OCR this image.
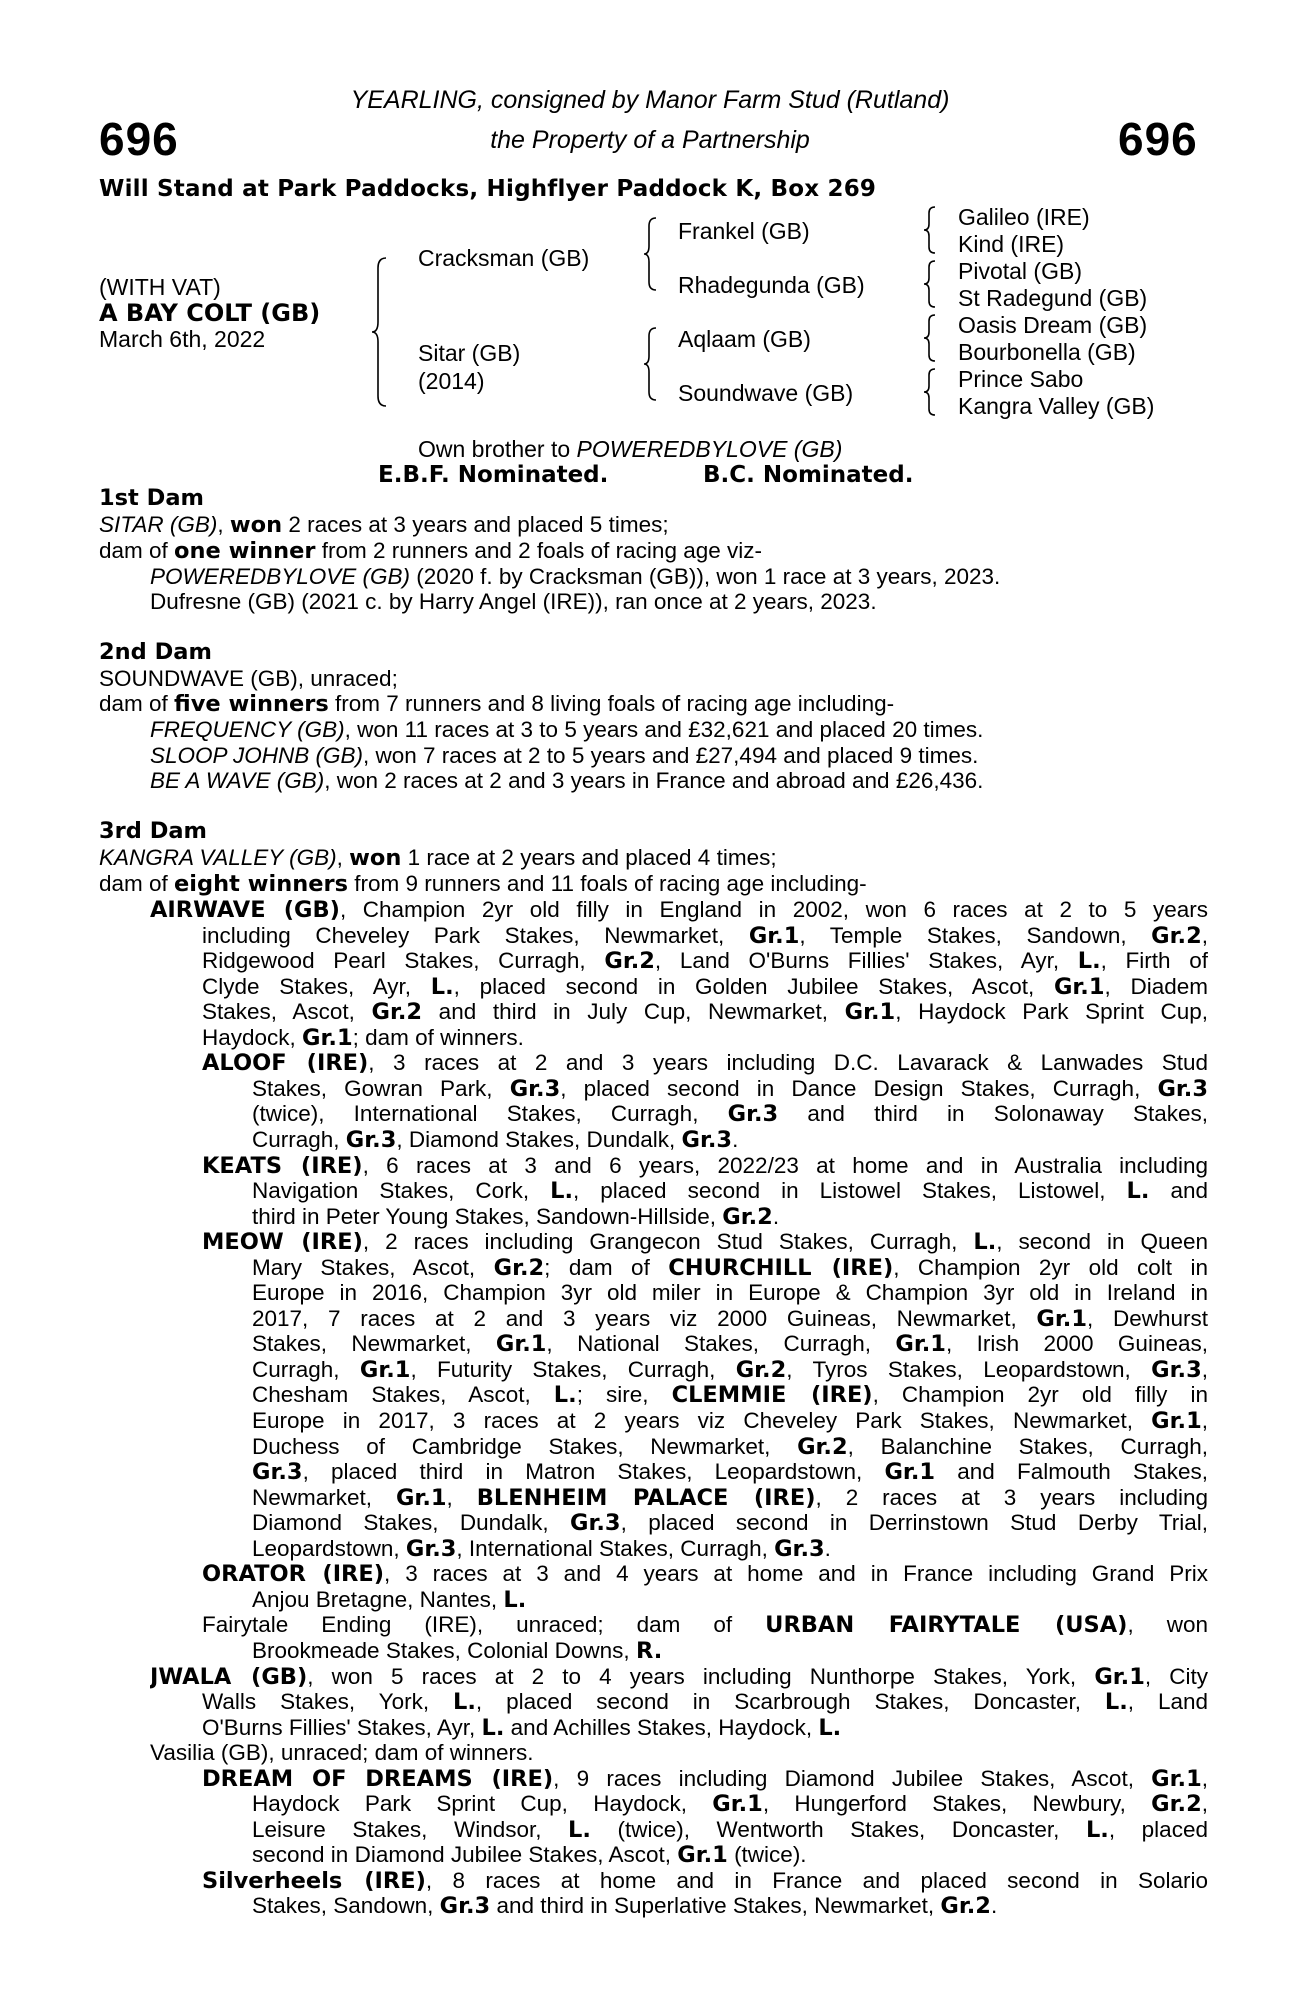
696	696
YEARLING, consigned by Manor Farm Stud (Rutland)
the Property of a Partnership
Will Stand at Park Paddocks, Highflyer Paddock K, Box 269
(WITH VAT)
A BAY COLT (GB)
March 6th, 2022
Cracksman (GB)
Sitar (GB)
(2014)
Frankel (GB)
Rhadegunda (GB)
Aqlaam (GB)
Soundwave (GB)
Galileo (IRE)
Kind (IRE)
Pivotal (GB)
St Radegund (GB)
Oasis Dream (GB)
Bourbonella (GB)
Prince Sabo
Kangra Valley (GB)
Own brother to POWEREDBYLOVE (GB)
E.B.F. Nominated.	B.C. Nominated.
1st Dam
SITAR (GB), won 2 races at 3 years and placed 5 times;
dam of one winner from 2 runners and 2 foals of racing age viz-
POWEREDBYLOVE (GB) (2020 f. by Cracksman (GB)), won 1 race at 3 years, 2023.
Dufresne (GB) (2021 c. by Harry Angel (IRE)), ran once at 2 years, 2023.
2nd Dam
SOUNDWAVE (GB), unraced;
dam of five winners from 7 runners and 8 living foals of racing age including-
FREQUENCY (GB), won 11 races at 3 to 5 years and £32,621 and placed 20 times.
SLOOP JOHNB (GB), won 7 races at 2 to 5 years and £27,494 and placed 9 times.
BE A WAVE (GB), won 2 races at 2 and 3 years in France and abroad and £26,436.
3rd Dam
KANGRA VALLEY (GB), won 1 race at 2 years and placed 4 times;
dam of eight winners from 9 runners and 11 foals of racing age including-
AIRWAVE (GB), Champion 2yr old filly in England in 2002, won 6 races at 2 to 5 years
including Cheveley Park Stakes, Newmarket, Gr.1, Temple Stakes, Sandown, Gr.2,
Ridgewood Pearl Stakes, Curragh, Gr.2, Land O'Burns Fillies' Stakes, Ayr, L., Firth of
Clyde Stakes, Ayr, L., placed second in Golden Jubilee Stakes, Ascot, Gr.1, Diadem
Stakes, Ascot, Gr.2 and third in July Cup, Newmarket, Gr.1, Haydock Park Sprint Cup,
Haydock, Gr.1; dam of winners.
ALOOF (IRE), 3 races at 2 and 3 years including D.C. Lavarack & Lanwades Stud
Stakes, Gowran Park, Gr.3, placed second in Dance Design Stakes, Curragh, Gr.3
(twice), International Stakes, Curragh, Gr.3 and third in Solonaway Stakes,
Curragh, Gr.3, Diamond Stakes, Dundalk, Gr.3.
KEATS (IRE), 6 races at 3 and 6 years, 2022/23 at home and in Australia including
Navigation Stakes, Cork, L., placed second in Listowel Stakes, Listowel, L. and
third in Peter Young Stakes, Sandown-Hillside, Gr.2.
MEOW (IRE), 2 races including Grangecon Stud Stakes, Curragh, L., second in Queen
Mary Stakes, Ascot, Gr.2; dam of CHURCHILL (IRE), Champion 2yr old colt in
Europe in 2016, Champion 3yr old miler in Europe & Champion 3yr old in Ireland in
2017, 7 races at 2 and 3 years viz 2000 Guineas, Newmarket, Gr.1, Dewhurst
Stakes, Newmarket, Gr.1, National Stakes, Curragh, Gr.1, Irish 2000 Guineas,
Curragh, Gr.1, Futurity Stakes, Curragh, Gr.2, Tyros Stakes, Leopardstown, Gr.3,
Chesham Stakes, Ascot, L.; sire, CLEMMIE (IRE), Champion 2yr old filly in
Europe in 2017, 3 races at 2 years viz Cheveley Park Stakes, Newmarket, Gr.1,
Duchess of Cambridge Stakes, Newmarket, Gr.2, Balanchine Stakes, Curragh,
Gr.3, placed third in Matron Stakes, Leopardstown, Gr.1 and Falmouth Stakes,
Newmarket, Gr.1, BLENHEIM PALACE (IRE), 2 races at 3 years including
Diamond Stakes, Dundalk, Gr.3, placed second in Derrinstown Stud Derby Trial,
Leopardstown, Gr.3, International Stakes, Curragh, Gr.3.
ORATOR (IRE), 3 races at 3 and 4 years at home and in France including Grand Prix
Anjou Bretagne, Nantes, L.
Fairytale Ending (IRE), unraced; dam of URBAN FAIRYTALE (USA), won
Brookmeade Stakes, Colonial Downs, R.
JWALA (GB), won 5 races at 2 to 4 years including Nunthorpe Stakes, York, Gr.1, City
Walls Stakes, York, L., placed second in Scarbrough Stakes, Doncaster, L., Land
O'Burns Fillies' Stakes, Ayr, L. and Achilles Stakes, Haydock, L.
Vasilia (GB), unraced; dam of winners.
DREAM OF DREAMS (IRE), 9 races including Diamond Jubilee Stakes, Ascot, Gr.1,
Haydock Park Sprint Cup, Haydock, Gr.1, Hungerford Stakes, Newbury, Gr.2,
Leisure Stakes, Windsor, L. (twice), Wentworth Stakes, Doncaster, L., placed
second in Diamond Jubilee Stakes, Ascot, Gr.1 (twice).
Silverheels (IRE), 8 races at home and in France and placed second in Solario
Stakes, Sandown, Gr.3 and third in Superlative Stakes, Newmarket, Gr.2.
